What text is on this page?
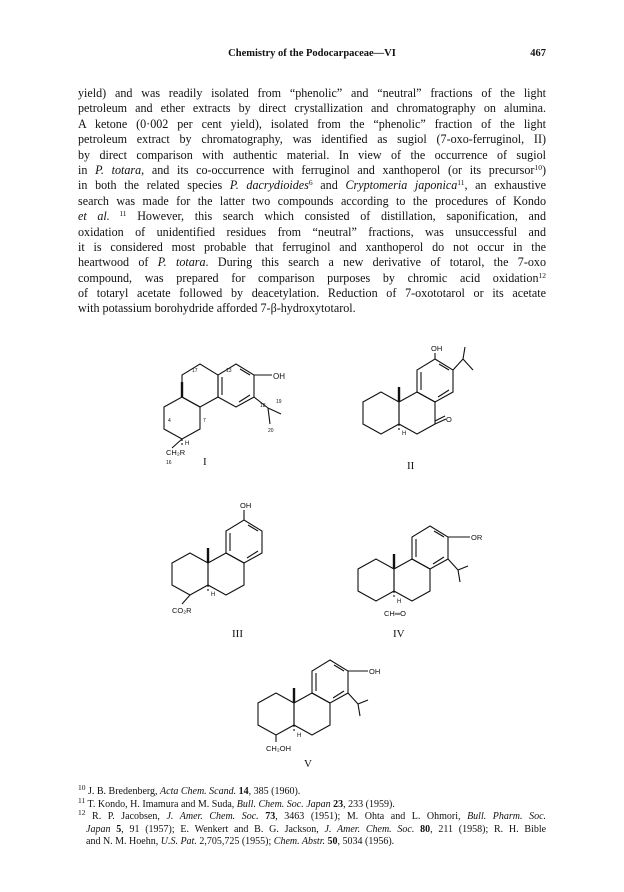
Chemistry of the Podocarpaceae—VI	467
yield) and was readily isolated from “phenolic” and “neutral” fractions of the light
petroleum and ether extracts by direct crystallization and chromatography on alumina.
A ketone (0·002 per cent yield), isolated from the “phenolic” fraction of the light
petroleum extract by chromatography, was identified as sugiol (7-oxo-ferruginol, II)
by direct comparison with authentic material. In view of the occurrence of sugiol
in P. totara, and its co-occurrence with ferruginol and xanthoperol (or its precursor$^{10}$)
in both the related species P. dacrydioides$^6$ and Cryptomeria japonica$^{11}$, an exhaustive
search was made for the latter two compounds according to the procedures of Kondo
et al. $^{11}$ However, this search which consisted of distillation, saponification, and
oxidation of unidentified residues from “neutral” fractions, was unsuccessful and
it is considered most probable that ferruginol and xanthoperol do not occur in the
heartwood of P. totara. During this search a new derivative of totarol, the 7-oxo
compound, was prepared for comparison purposes by chromic acid oxidation$^{12}$
of totaryl acetate followed by deacetylation. Reduction of 7-oxototarol or its acetate
with potassium borohydride afforded 7-β-hydroxytotarol.
OH
13
17
19
18
20
4	7
H
CH₂R
16	I
OH
O
H
II
OH
H
CO₂R
III
OR
H
CH═O
IV
OH
H
CH₂OH
V
$^{10}$ J. B. Bredenberg, Acta Chem. Scand. 14, 385 (1960).
$^{11}$ T. Kondo, H. Imamura and M. Suda, Bull. Chem. Soc. Japan 23, 233 (1959).
$^{12}$ R. P. Jacobsen, J. Amer. Chem. Soc. 73, 3463 (1951); M. Ohta and L. Ohmori, Bull. Pharm. Soc.
Japan 5, 91 (1957); E. Wenkert and B. G. Jackson, J. Amer. Chem. Soc. 80, 211 (1958); R. H. Bible
and N. M. Hoehn, U.S. Pat. 2,705,725 (1955); Chem. Abstr. 50, 5034 (1956).
